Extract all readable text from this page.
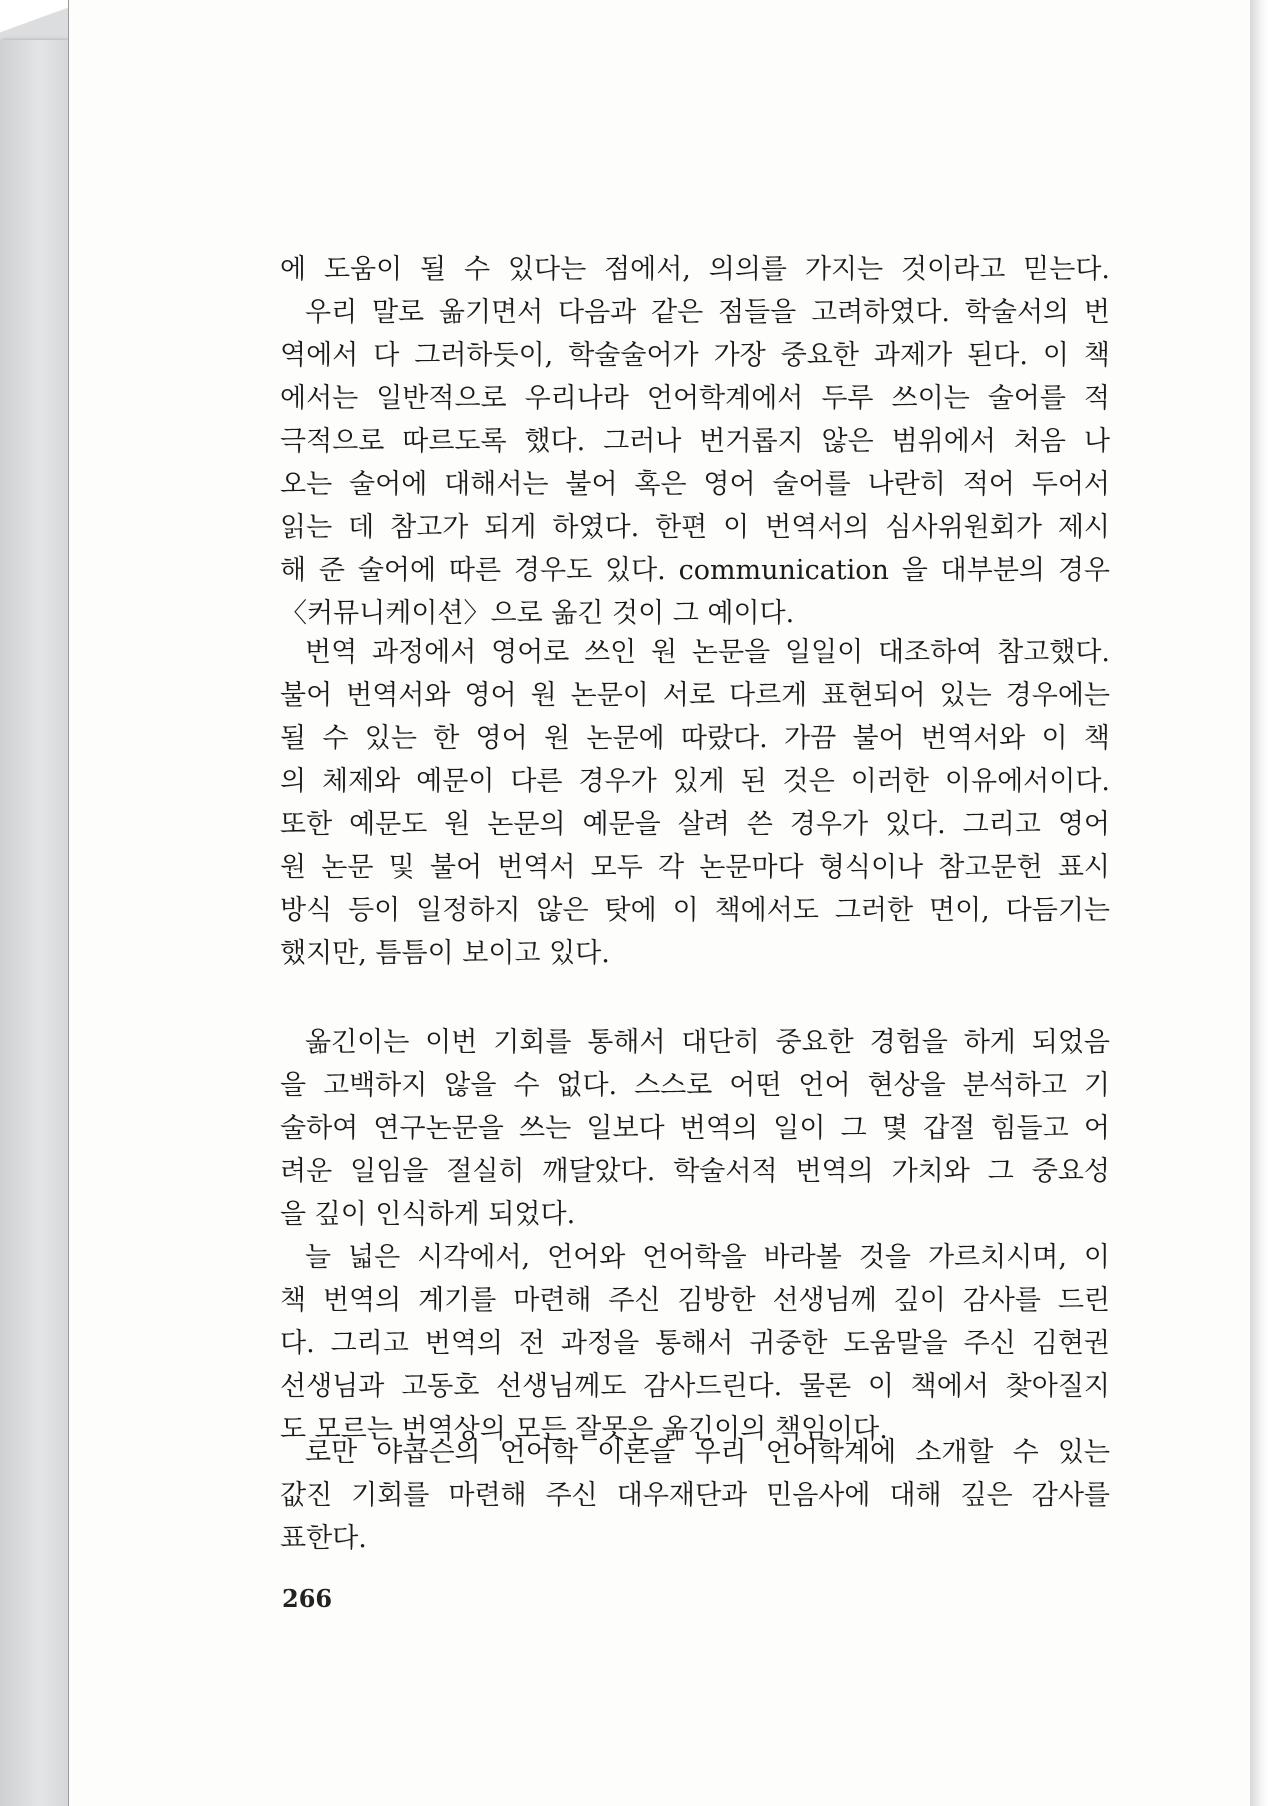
에 도움이 될 수 있다는 점에서, 의의를 가지는 것이라고 믿는다.
우리 말로 옮기면서 다음과 같은 점들을 고려하였다. 학술서의 번
역에서 다 그러하듯이, 학술술어가 가장 중요한 과제가 된다. 이 책
에서는 일반적으로 우리나라 언어학계에서 두루 쓰이는 술어를 적
극적으로 따르도록 했다. 그러나 번거롭지 않은 범위에서 처음 나
오는 술어에 대해서는 불어 혹은 영어 술어를 나란히 적어 두어서
읽는 데 참고가 되게 하였다. 한편 이 번역서의 심사위원회가 제시
해 준 술어에 따른 경우도 있다. communication 을 대부분의 경우
〈커뮤니케이션〉으로 옮긴 것이 그 예이다.
번역 과정에서 영어로 쓰인 원 논문을 일일이 대조하여 참고했다.
불어 번역서와 영어 원 논문이 서로 다르게 표현되어 있는 경우에는
될 수 있는 한 영어 원 논문에 따랐다. 가끔 불어 번역서와 이 책
의 체제와 예문이 다른 경우가 있게 된 것은 이러한 이유에서이다.
또한 예문도 원 논문의 예문을 살려 쓴 경우가 있다. 그리고 영어
원 논문 및 불어 번역서 모두 각 논문마다 형식이나 참고문헌 표시
방식 등이 일정하지 않은 탓에 이 책에서도 그러한 면이, 다듬기는
했지만, 틈틈이 보이고 있다.
옮긴이는 이번 기회를 통해서 대단히 중요한 경험을 하게 되었음
을 고백하지 않을 수 없다. 스스로 어떤 언어 현상을 분석하고 기
술하여 연구논문을 쓰는 일보다 번역의 일이 그 몇 갑절 힘들고 어
려운 일임을 절실히 깨달았다. 학술서적 번역의 가치와 그 중요성
을 깊이 인식하게 되었다.
늘 넓은 시각에서, 언어와 언어학을 바라볼 것을 가르치시며, 이
책 번역의 계기를 마련해 주신 김방한 선생님께 깊이 감사를 드린
다. 그리고 번역의 전 과정을 통해서 귀중한 도움말을 주신 김현권
선생님과 고동호 선생님께도 감사드린다. 물론 이 책에서 찾아질지
도 모르는 번역상의 모든 잘못은 옮긴이의 책임이다.
로만 야콥슨의 언어학 이론을 우리 언어학계에 소개할 수 있는
값진 기회를 마련해 주신 대우재단과 민음사에 대해 깊은 감사를
표한다.
266
